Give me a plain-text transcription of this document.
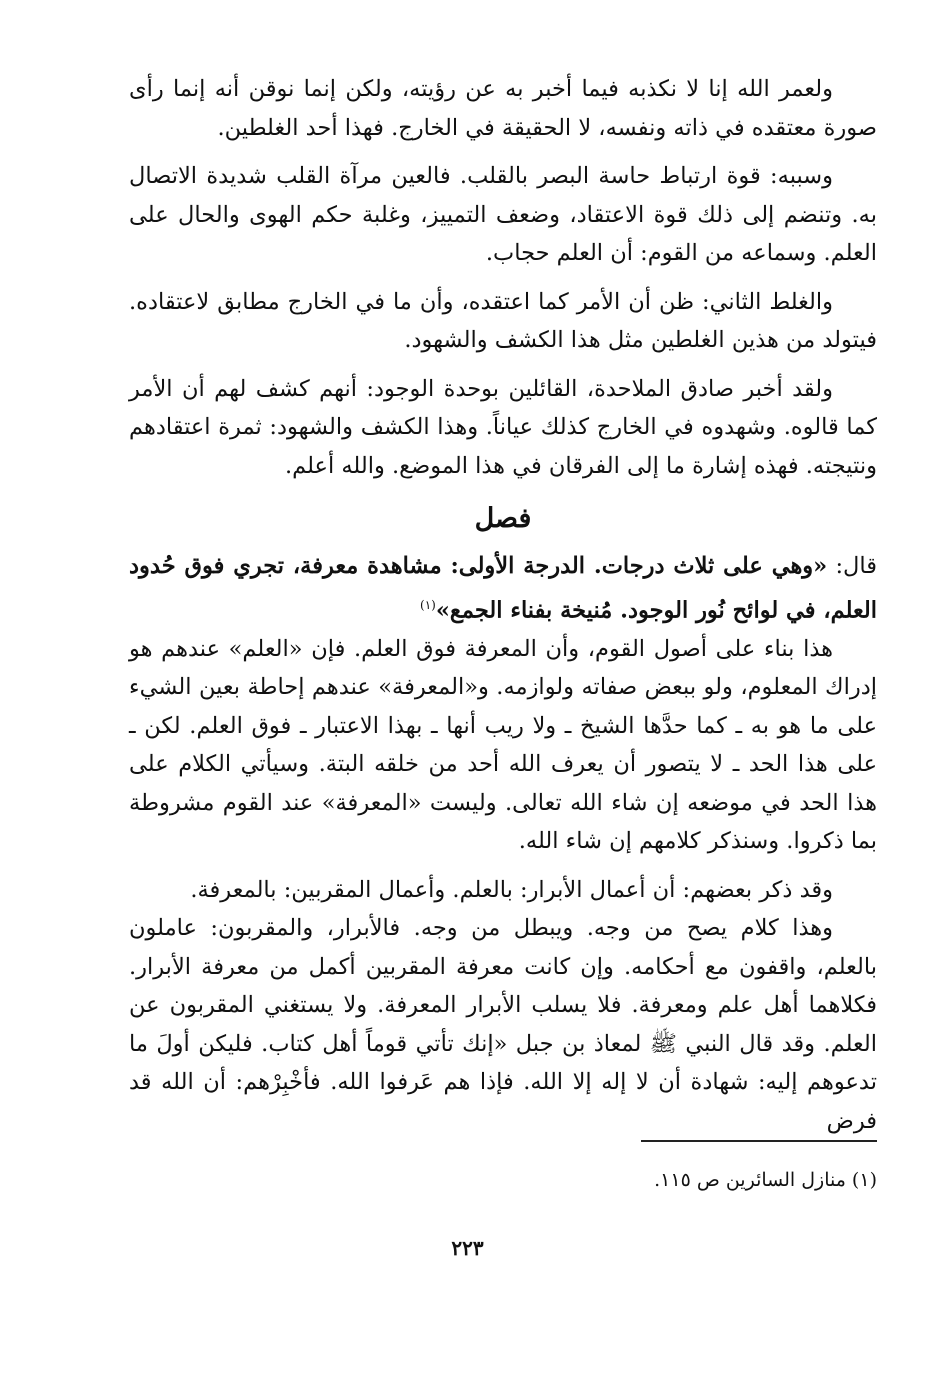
ولعمر الله إنا لا نكذبه فيما أخبر به عن رؤيته، ولكن إنما نوقن أنه إنما رأى صورة معتقده في ذاته ونفسه، لا الحقيقة في الخارج. فهذا أحد الغلطين.

وسببه: قوة ارتباط حاسة البصر بالقلب. فالعين مرآة القلب شديدة الاتصال به. وتنضم إلى ذلك قوة الاعتقاد، وضعف التمييز، وغلبة حكم الهوى والحال على العلم. وسماعه من القوم: أن العلم حجاب.

والغلط الثاني: ظن أن الأمر كما اعتقده، وأن ما في الخارج مطابق لاعتقاده. فيتولد من هذين الغلطين مثل هذا الكشف والشهود.

ولقد أخبر صادق الملاحدة، القائلين بوحدة الوجود: أنهم كشف لهم أن الأمر كما قالوه. وشهدوه في الخارج كذلك عياناً. وهذا الكشف والشهود: ثمرة اعتقادهم ونتيجته. فهذه إشارة ما إلى الفرقان في هذا الموضع. والله أعلم.

فصل

قال: «وهي على ثلاث درجات. الدرجة الأولى: مشاهدة معرفة، تجري فوق حُدود العلم، في لوائح نُور الوجود. مُنيخة بفناء الجمع»$^{(١)}$

هذا بناء على أصول القوم، وأن المعرفة فوق العلم. فإن «العلم» عندهم هو إدراك المعلوم، ولو ببعض صفاته ولوازمه. و«المعرفة» عندهم إحاطة بعين الشيء على ما هو به ـ كما حدَّها الشيخ ـ ولا ريب أنها ـ بهذا الاعتبار ـ فوق العلم. لكن ـ على هذا الحد ـ لا يتصور أن يعرف الله أحد من خلقه البتة. وسيأتي الكلام على هذا الحد في موضعه إن شاء الله تعالى. وليست «المعرفة» عند القوم مشروطة بما ذكروا. وسنذكر كلامهم إن شاء الله.

وقد ذكر بعضهم: أن أعمال الأبرار: بالعلم. وأعمال المقربين: بالمعرفة.

وهذا كلام يصح من وجه. ويبطل من وجه. فالأبرار، والمقربون: عاملون بالعلم، واقفون مع أحكامه. وإن كانت معرفة المقربين أكمل من معرفة الأبرار. فكلاهما أهل علم ومعرفة. فلا يسلب الأبرار المعرفة. ولا يستغني المقربون عن العلم. وقد قال النبي ﷺ لمعاذ بن جبل «إنك تأتي قوماً أهل كتاب. فليكن أولَ ما تدعوهم إليه: شهادة أن لا إله إلا الله. فإذا هم عَرفوا الله. فأخْبِرْهم: أن الله قد فرض

(١) منازل السائرين ص ١١٥.

٢٢٣
